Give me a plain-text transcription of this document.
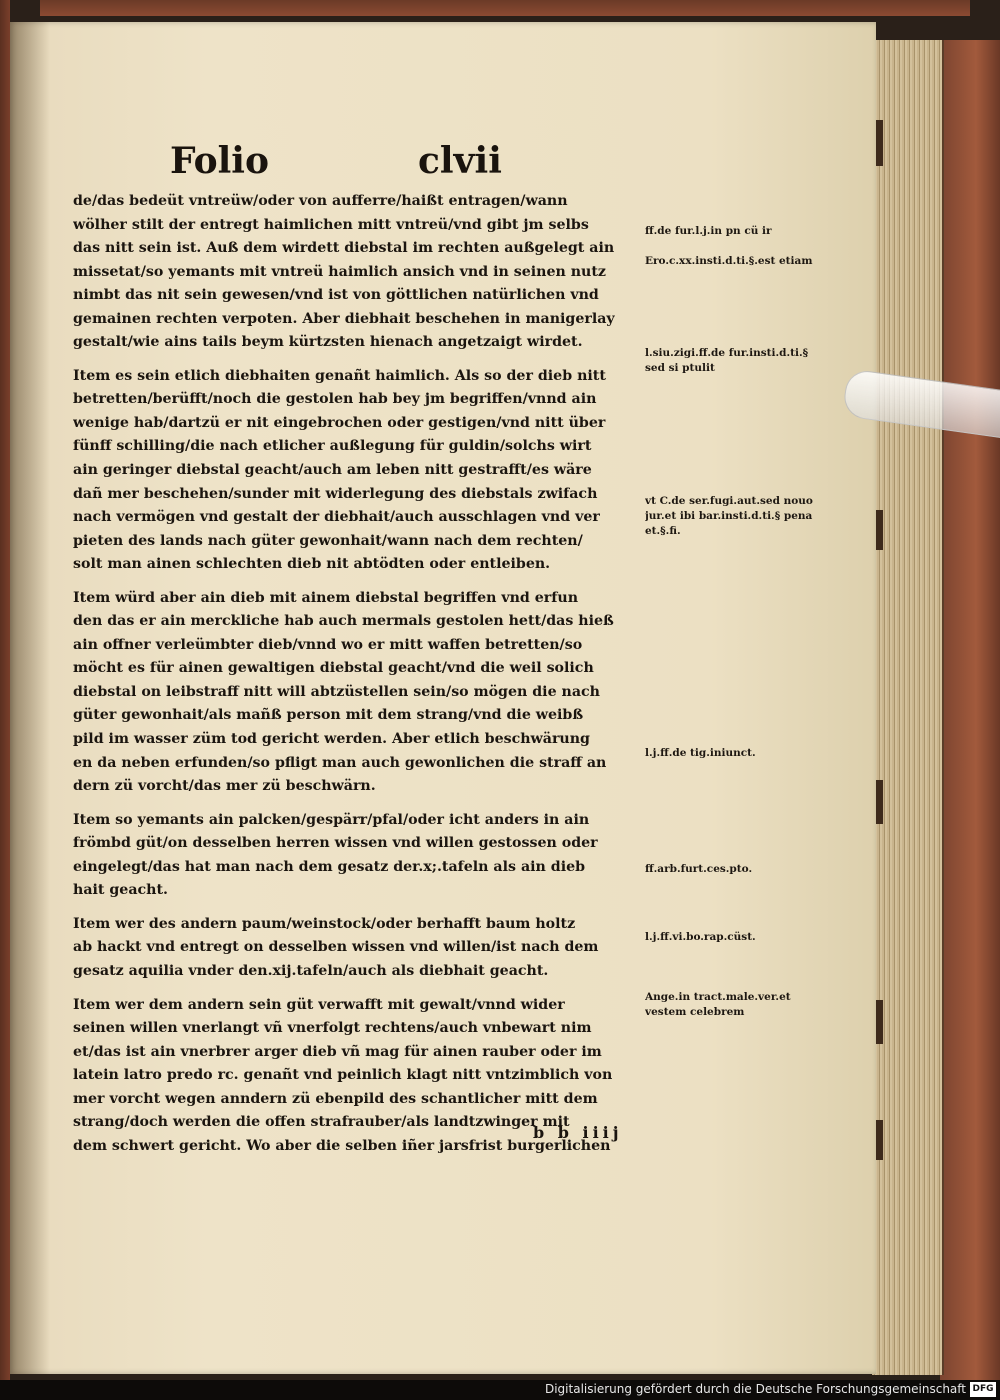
Folio	clvii
de/das bedeüt vntreüw/oder von aufferre/haißt entragen/wann
wölher stilt der entregt haimlichen mitt vntreü/vnd gibt jm selbs
das nitt sein ist. Auß dem wirdett diebstal im rechten außgelegt ain
missetat/so yemants mit vntreü haimlich ansich vnd in seinen nutz
nimbt das nit sein gewesen/vnd ist von göttlichen natürlichen vnd
gemainen rechten verpoten. Aber diebhait beschehen in manigerlay
gestalt/wie ains tails beym kürtzsten hienach angetzaigt wirdet.
Item es sein etlich diebhaiten genañt haimlich. Als so der dieb nitt
betretten/berüfft/noch die gestolen hab bey jm begriffen/vnnd ain
wenige hab/dartzü er nit eingebrochen oder gestigen/vnd nitt über
fünff schilling/die nach etlicher außlegung für guldin/solchs wirt
ain geringer diebstal geacht/auch am leben nitt gestrafft/es wäre
dañ mer beschehen/sunder mit widerlegung des diebstals zwifach
nach vermögen vnd gestalt der diebhait/auch ausschlagen vnd ver
pieten des lands nach güter gewonhait/wann nach dem rechten/
solt man ainen schlechten dieb nit abtödten oder entleiben.
Item würd aber ain dieb mit ainem diebstal begriffen vnd erfun
den das er ain merckliche hab auch mermals gestolen hett/das hieß
ain offner verleümbter dieb/vnnd wo er mitt waffen betretten/so
möcht es für ainen gewaltigen diebstal geacht/vnd die weil solich
diebstal on leibstraff nitt will abtzüstellen sein/so mögen die nach
güter gewonhait/als mañß person mit dem strang/vnd die weibß
pild im wasser züm tod gericht werden. Aber etlich beschwärung
en da neben erfunden/so pfligt man auch gewonlichen die straff an
dern zü vorcht/das mer zü beschwärn.
Item so yemants ain palcken/gespärr/pfal/oder icht anders in ain
frömbd güt/on desselben herren wissen vnd willen gestossen oder
eingelegt/das hat man nach dem gesatz der.x;.tafeln als ain dieb
hait geacht.
Item wer des andern paum/weinstock/oder berhafft baum holtz
ab hackt vnd entregt on desselben wissen vnd willen/ist nach dem
gesatz aquilia vnder den.xij.tafeln/auch als diebhait geacht.
Item wer dem andern sein güt verwafft mit gewalt/vnnd wider
seinen willen vnerlangt vñ vnerfolgt rechtens/auch vnbewart nim
et/das ist ain vnerbrer arger dieb vñ mag für ainen rauber oder im
latein latro predo rc. genañt vnd peinlich klagt nitt vntzimblich von
mer vorcht wegen anndern zü ebenpild des schantlicher mitt dem
strang/doch werden die offen strafrauber/als landtzwinger mit
dem schwert gericht. Wo aber die selben iñer jarsfrist burgerlichen
b b iiij
ff.de fur.l.j.in pn cü ir
Ero.c.xx.insti.d.ti.§.est etiam
l.siu.zigi.ff.de fur.insti.d.ti.§
sed si ptulit
vt C.de ser.fugi.aut.sed nouo
jur.et ibi bar.insti.d.ti.§ pena
et.§.fi.
l.j.ff.de tig.iniunct.
ff.arb.furt.ces.pto.
l.j.ff.vi.bo.rap.cüst.
Ange.in tract.male.ver.et
vestem celebrem
Digitalisierung gefördert durch die Deutsche Forschungsgemeinschaft DFG
